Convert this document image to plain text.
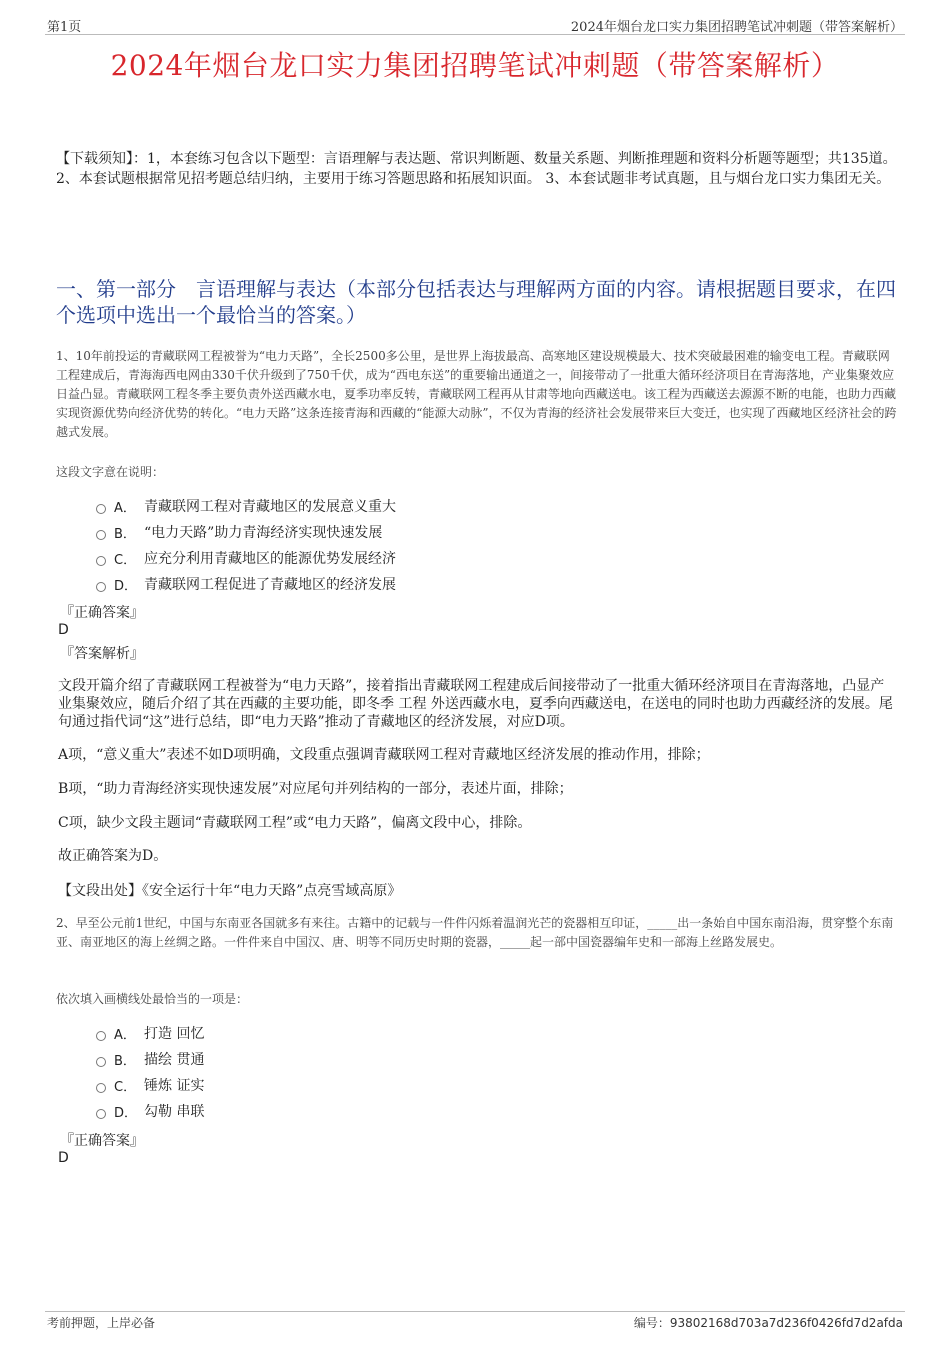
第1页	2024年烟台龙口实力集团招聘笔试冲刺题（带答案解析）
2024年烟台龙口实力集团招聘笔试冲刺题（带答案解析）
【下载须知】：1，本套练习包含以下题型：言语理解与表达题、常识判断题、数量关系题、判断推理题和资料分析题等题型；共135道。 2、本套试题根据常见招考题总结归纳，主要用于练习答题思路和拓展知识面。 3、本套试题非考试真题，且与烟台龙口实力集团无关。
一、第一部分　言语理解与表达（本部分包括表达与理解两方面的内容。请根据题目要求，在四个选项中选出一个最恰当的答案。）
1、10年前投运的青藏联网工程被誉为“电力天路”，全长2500多公里，是世界上海拔最高、高寒地区建设规模最大、技术突破最困难的输变电工程。青藏联网工程建成后，青海海西电网由330千伏升级到了750千伏，成为“西电东送”的重要输出通道之一，间接带动了一批重大循环经济项目在青海落地，产业集聚效应日益凸显。青藏联网工程冬季主要负责外送西藏水电，夏季功率反转，青藏联网工程再从甘肃等地向西藏送电。该工程为西藏送去源源不断的电能，也助力西藏实现资源优势向经济优势的转化。“电力天路”这条连接青海和西藏的“能源大动脉”，不仅为青海的经济社会发展带来巨大变迁，也实现了西藏地区经济社会的跨越式发展。
这段文字意在说明：
A． 青藏联网工程对青藏地区的发展意义重大
B． “电力天路”助力青海经济实现快速发展
C． 应充分利用青藏地区的能源优势发展经济
D． 青藏联网工程促进了青藏地区的经济发展
『正确答案』
D
『答案解析』
文段开篇介绍了青藏联网工程被誉为“电力天路”，接着指出青藏联网工程建成后间接带动了一批重大循环经济项目在青海落地，凸显产业集聚效应，随后介绍了其在西藏的主要功能，即冬季 工程 外送西藏水电，夏季向西藏送电，在送电的同时也助力西藏经济的发展。尾句通过指代词“这”进行总结，即“电力天路”推动了青藏地区的经济发展，对应D项。
A项，“意义重大”表述不如D项明确，文段重点强调青藏联网工程对青藏地区经济发展的推动作用，排除；
B项，“助力青海经济实现快速发展”对应尾句并列结构的一部分，表述片面，排除；
C项，缺少文段主题词“青藏联网工程”或“电力天路”，偏离文段中心，排除。
故正确答案为D。
【文段出处】《安全运行十年“电力天路”点亮雪域高原》
2、早至公元前1世纪，中国与东南亚各国就多有来往。古籍中的记载与一件件闪烁着温润光芒的瓷器相互印证，_____出一条始自中国东南沿海，贯穿整个东南亚、南亚地区的海上丝绸之路。一件件来自中国汉、唐、明等不同历史时期的瓷器，_____起一部中国瓷器编年史和一部海上丝路发展史。
依次填入画横线处最恰当的一项是：
A． 打造 回忆
B． 描绘 贯通
C． 锤炼 证实
D． 勾勒 串联
『正确答案』
D
考前押题，上岸必备	编号：93802168d703a7d236f0426fd7d2afda
